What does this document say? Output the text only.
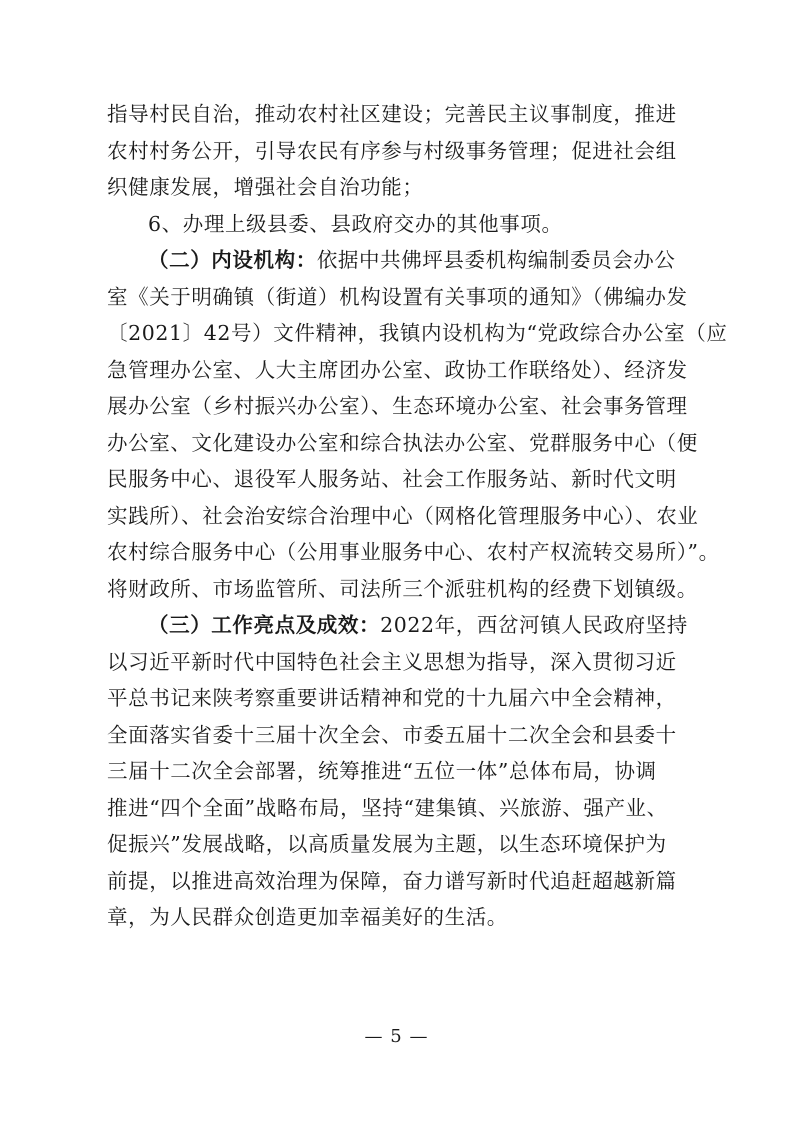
指导村民自治，推动农村社区建设；完善民主议事制度，推进
农村村务公开，引导农民有序参与村级事务管理；促进社会组
织健康发展，增强社会自治功能；
6、办理上级县委、县政府交办的其他事项。
（二）内设机构：依据中共佛坪县委机构编制委员会办公
室《关于明确镇（街道）机构设置有关事项的通知》（佛编办发
〔2021〕42号）文件精神，我镇内设机构为“党政综合办公室（应
急管理办公室、人大主席团办公室、政协工作联络处）、经济发
展办公室（乡村振兴办公室）、生态环境办公室、社会事务管理
办公室、文化建设办公室和综合执法办公室、党群服务中心（便
民服务中心、退役军人服务站、社会工作服务站、新时代文明
实践所）、社会治安综合治理中心（网格化管理服务中心）、农业
农村综合服务中心（公用事业服务中心、农村产权流转交易所）”。
将财政所、市场监管所、司法所三个派驻机构的经费下划镇级。
（三）工作亮点及成效：2022年，西岔河镇人民政府坚持
以习近平新时代中国特色社会主义思想为指导，深入贯彻习近
平总书记来陕考察重要讲话精神和党的十九届六中全会精神，
全面落实省委十三届十次全会、市委五届十二次全会和县委十
三届十二次全会部署，统筹推进“五位一体”总体布局，协调
推进“四个全面”战略布局，坚持“建集镇、兴旅游、强产业、
促振兴”发展战略，以高质量发展为主题，以生态环境保护为
前提，以推进高效治理为保障，奋力谱写新时代追赶超越新篇
章，为人民群众创造更加幸福美好的生活。
— 5 —
